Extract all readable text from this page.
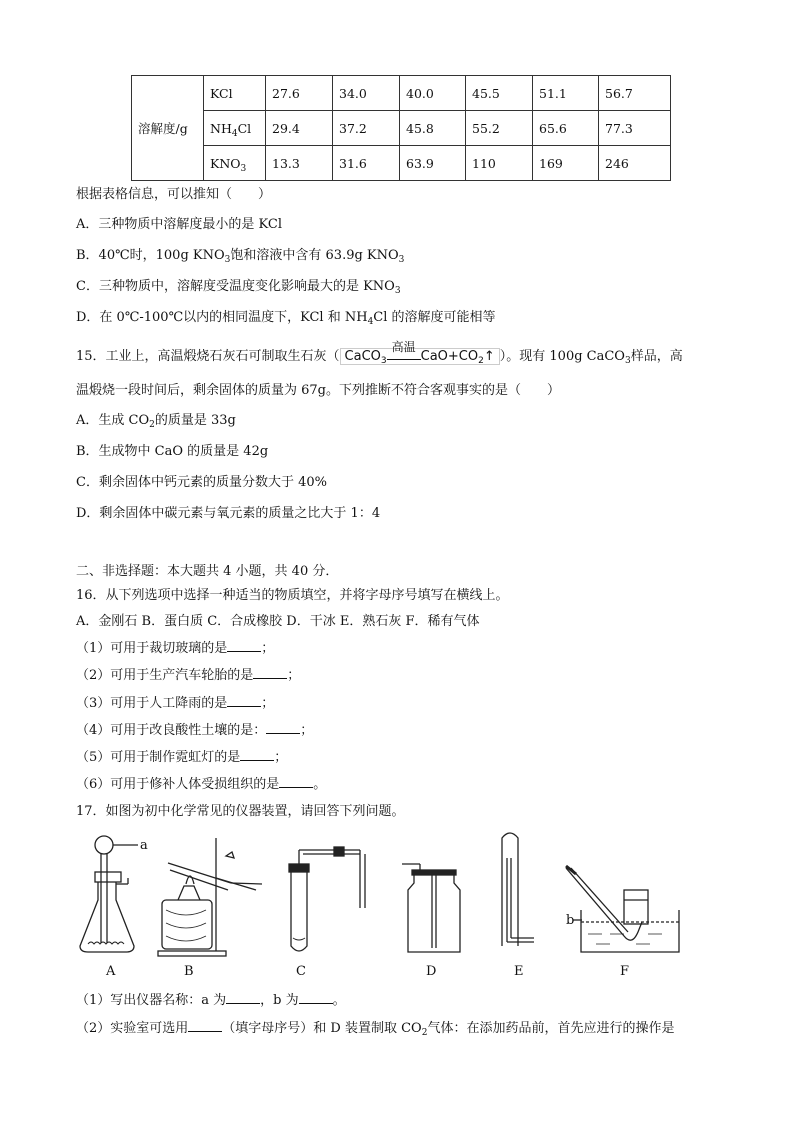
溶解度/g	KCl	27.6	34.0	40.0	45.5	51.1	56.7
	$NH_4Cl$	29.4	37.2	45.8	55.2	65.6	77.3
	$KNO_3$	13.3	31.6	63.9	110	169	246
根据表格信息，可以推知（　　）
A．三种物质中溶解度最小的是 KCl
B．40℃时，100g $KNO_3$饱和溶液中含有 63.9g $KNO_3$
C．三种物质中，溶解度受温度变化影响最大的是 $KNO_3$
D．在 0℃-100℃以内的相同温度下，KCl 和 $NH_4Cl$ 的溶解度可能相等
15．工业上，高温煅烧石灰石可制取生石灰（ CaCO$_3$
高温
$CaO+CO_2↑$ ）。现有 100g CaCO$_3$样品，高
温煅烧一段时间后，剩余固体的质量为 67g。下列推断不符合客观事实的是（　　）
A．生成 $CO_2$的质量是 33g
B．生成物中 CaO 的质量是 42g
C．剩余固体中钙元素的质量分数大于 40%
D．剩余固体中碳元素与氧元素的质量之比大于 1：4
二、非选择题：本大题共 4 小题，共 40 分．
16．从下列选项中选择一种适当的物质填空，并将字母序号填写在横线上。
A．金刚石 B．蛋白质 C．合成橡胶 D．干冰 E．熟石灰 F．稀有气体
（1）可用于裁切玻璃的是	；
（2）可用于生产汽车轮胎的是	；
（3）可用于人工降雨的是	；
（4）可用于改良酸性土壤的是：	；
（5）可用于制作霓虹灯的是	；
（6）可用于修补人体受损组织的是	。
17．如图为初中化学常见的仪器装置，请回答下列问题。
a
b
A	B	C	D	E	F
（1）写出仪器名称：a 为	，b 为	。
（2）实验室可选用	（填字母序号）和 D 装置制取 $CO_2$气体：在添加药品前，首先应进行的操作是
